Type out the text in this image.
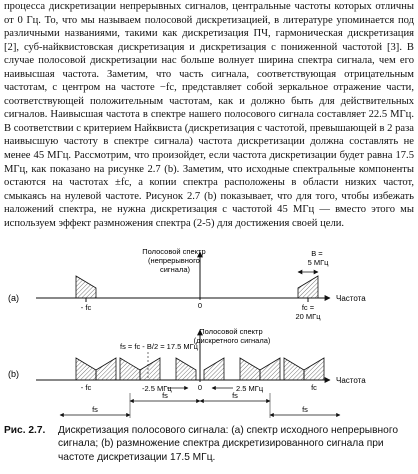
процесса дискретизации непрерывных сигналов, центральные частоты которых отличны от 0 Гц. То, что мы называем полосовой дискретизацией, в литературе упоминается под различными названиями, такими как дискретизация ПЧ, гармоническая дискретизация [2], суб-найквистовская дискретизация и дискретизация с пониженной частотой [3]. В случае полосовой дискретизации нас больше волнует ширина спектра сигнала, чем его наивысшая частота. Заметим, что часть сигнала, соответствующая отрицательным частотам, с центром на частоте −fc, представляет собой зеркальное отражение части, соответствующей положительным частотам, как и должно быть для действительных сигналов. Наивысшая частота в спектре нашего полосового сигнала составляет 22.5 МГц. В соответствии с критерием Найквиста (дискретизация с частотой, превышающей в 2 раза наивысшую частоту в спектре сигнала) частота дискретизации должна составлять не менее 45 МГц. Рассмотрим, что произойдет, если частота дискретизации будет равна 17.5 МГц, как показано на рисунке 2.7 (b). Заметим, что исходные спектральные компоненты остаются на частотах ±fc, а копии спектра расположены в области низких частот, смыкаясь на нулевой частоте. Рисунок 2.7 (b) показывает, что для того, чтобы избежать наложений спектра, не нужна дискретизация с частотой 45 МГц — вместо этого мы используем эффект размножения спектра (2-5) для достижения своей цели.

(a)
Полосовой спектр (непрерывного сигнала)
B = 5 МГц
0
- fc	fc =
20 МГц
Частота
(b)
fs = fc - B/2 = 17.5 МГц
Полосовой спектр (дискретного сигнала)
-2.5 МГц	2.5 МГц
0
- fc	fc
Частота
fs	fs
fs	fs
Рис. 2.7.	Дискретизация полосового сигнала: (a) спектр исходного непрерывного сигнала; (b) размножение спектра дискретизированного сигнала при частоте дискретизации 17.5 МГц.
